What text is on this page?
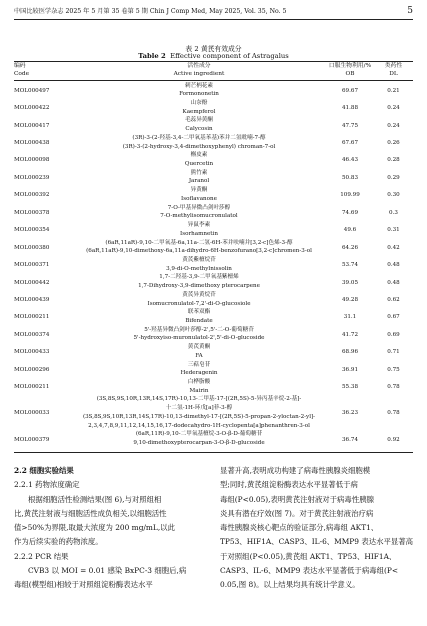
中国比较医学杂志 2025 年 5 月第 35 卷第 5 期 Chin J Comp Med, May 2025, Vol. 35, No. 5	5
表 2 黄芪有效成分
Table 2 Effective component of Astragalus
编码
Code
活性成分
Active ingredient
口服生物利用/%
OB
类药性
DL
MOL000497
刺芒柄花素
Formononetin
69.67	0.21
MOL000422
山奈酚
Kaempferol
41.88	0.24
MOL000417
毛蕊异黄酮
Calycosin
47.75	0.24
MOL000438
(3R)-3-(2-羟基-3,4-二甲氧基苯基)苯并二氢吡喃-7-醇
(3R)-3-(2-hydroxy-3,4-dimethoxyphenyl) chroman-7-ol
67.67	0.26
MOL000098
槲皮素
Quercetin
46.43	0.28
MOL000239
熊竹素
Jaranol
50.83	0.29
MOL000392
异黄酮
Isoflavanone
109.99	0.30
MOL000378
7-O-甲基异微凸剑叶莎醇
7-O-methylisomucronulatol
74.69	0.3
MOL000354
异鼠李素
Isorhamnetin
49.6	0.31
MOL000380
(6aR,11aR)-9,10-二甲氧基-6a,11a-二氢-6H-苯并呋喃并[3,2-c]色烯-3-醇
(6aR,11aR)-9,10-dimethoxy-6a,11a-dihydro-6H-benzofurano[3,2-c]chromen-3-ol
64.26	0.42
MOL000371
黄芪紫檀烷苷
3,9-di-O-methylnissolin
53.74	0.48
MOL000442
1,7-二羟基-3,9-二甲氧基紫檀烯
1,7-Dihydroxy-3,9-dimethoxy pterocarpene
39.05	0.48
MOL000439
黄芪异黄烷苷
Isomucronulatol-7,2'-di-O-glucosiole
49.28	0.62
MOL000211
联苯双酯
Bifendate
31.1	0.67
MOL000374
5'-羟基异微凸剑叶莎醇-2',5'-二-O-葡萄糖苷
5'-hydroxyiso-muronulatol-2',5'-di-O-glucoside
41.72	0.69
MOL000433
黄芪黄酮
FA
68.96	0.71
MOL000296
三萜皂苷
Hederagenin
36.91	0.75
MOL000211
白桦脂酸
Mairin
55.38	0.78
MOL000033
(3S,8S,9S,10R,13R,14S,17R)-10,13-二甲基-17-[(2R,5S)-5-异丙基辛烷-2-基]-
十二氢-1H-环戊[a]菲-3-醇
(3S,8S,9S,10R,13R,14S,17R)-10,13-dimethyl-17-[(2R,5S)-5-propan-2-yloctan-2-yl]-
2,3,4,7,8,9,11,12,14,15,16,17-dodecahydro-1H-cyclopenta[a]phenanthren-3-ol
36.23	0.78
MOL000379
(6aR,11R)-9,10-二甲氧基檀烷-3-O-β-D-葡萄糖苷
9,10-dimethoxypterocarpan-3-O-β-D-glucoside
36.74	0.92

2.2 细胞实验结果

2.2.1 药物浓度确定

根据细胞活性检测结果(图 6),与对照组相

比,黄芪注射液与细胞活性成负相关,以细胞活性

值>50%为界限,取最大浓度为 200 mg/mL,以此

作为后续实验的药物浓度。

2.2.2 PCR 结果

CVB3 以 MOI = 0.01 感染 BxPC-3 细胞后,病

毒组(模型组)相较于对照组淀粉酶表达水平

显著升高,表明成功构建了病毒性胰腺炎细胞模

型;同时,黄芪组淀粉酶表达水平显著低于病

毒组(P<0.05),表明黄芪注射液对于病毒性胰腺

炎具有潜在疗效(图 7)。对于黄芪注射液治疗病

毒性胰腺炎核心靶点的验证部分,病毒组 AKT1、

TP53、HIF1A、CASP3、IL-6、MMP9 表达水平显著高

于对照组(P<0.05),黄芪组 AKT1、TP53、HIF1A、

CASP3、IL-6、MMP9 表达水平显著低于病毒组(P<

0.05,图 8)。以上结果均具有统计学意义。
